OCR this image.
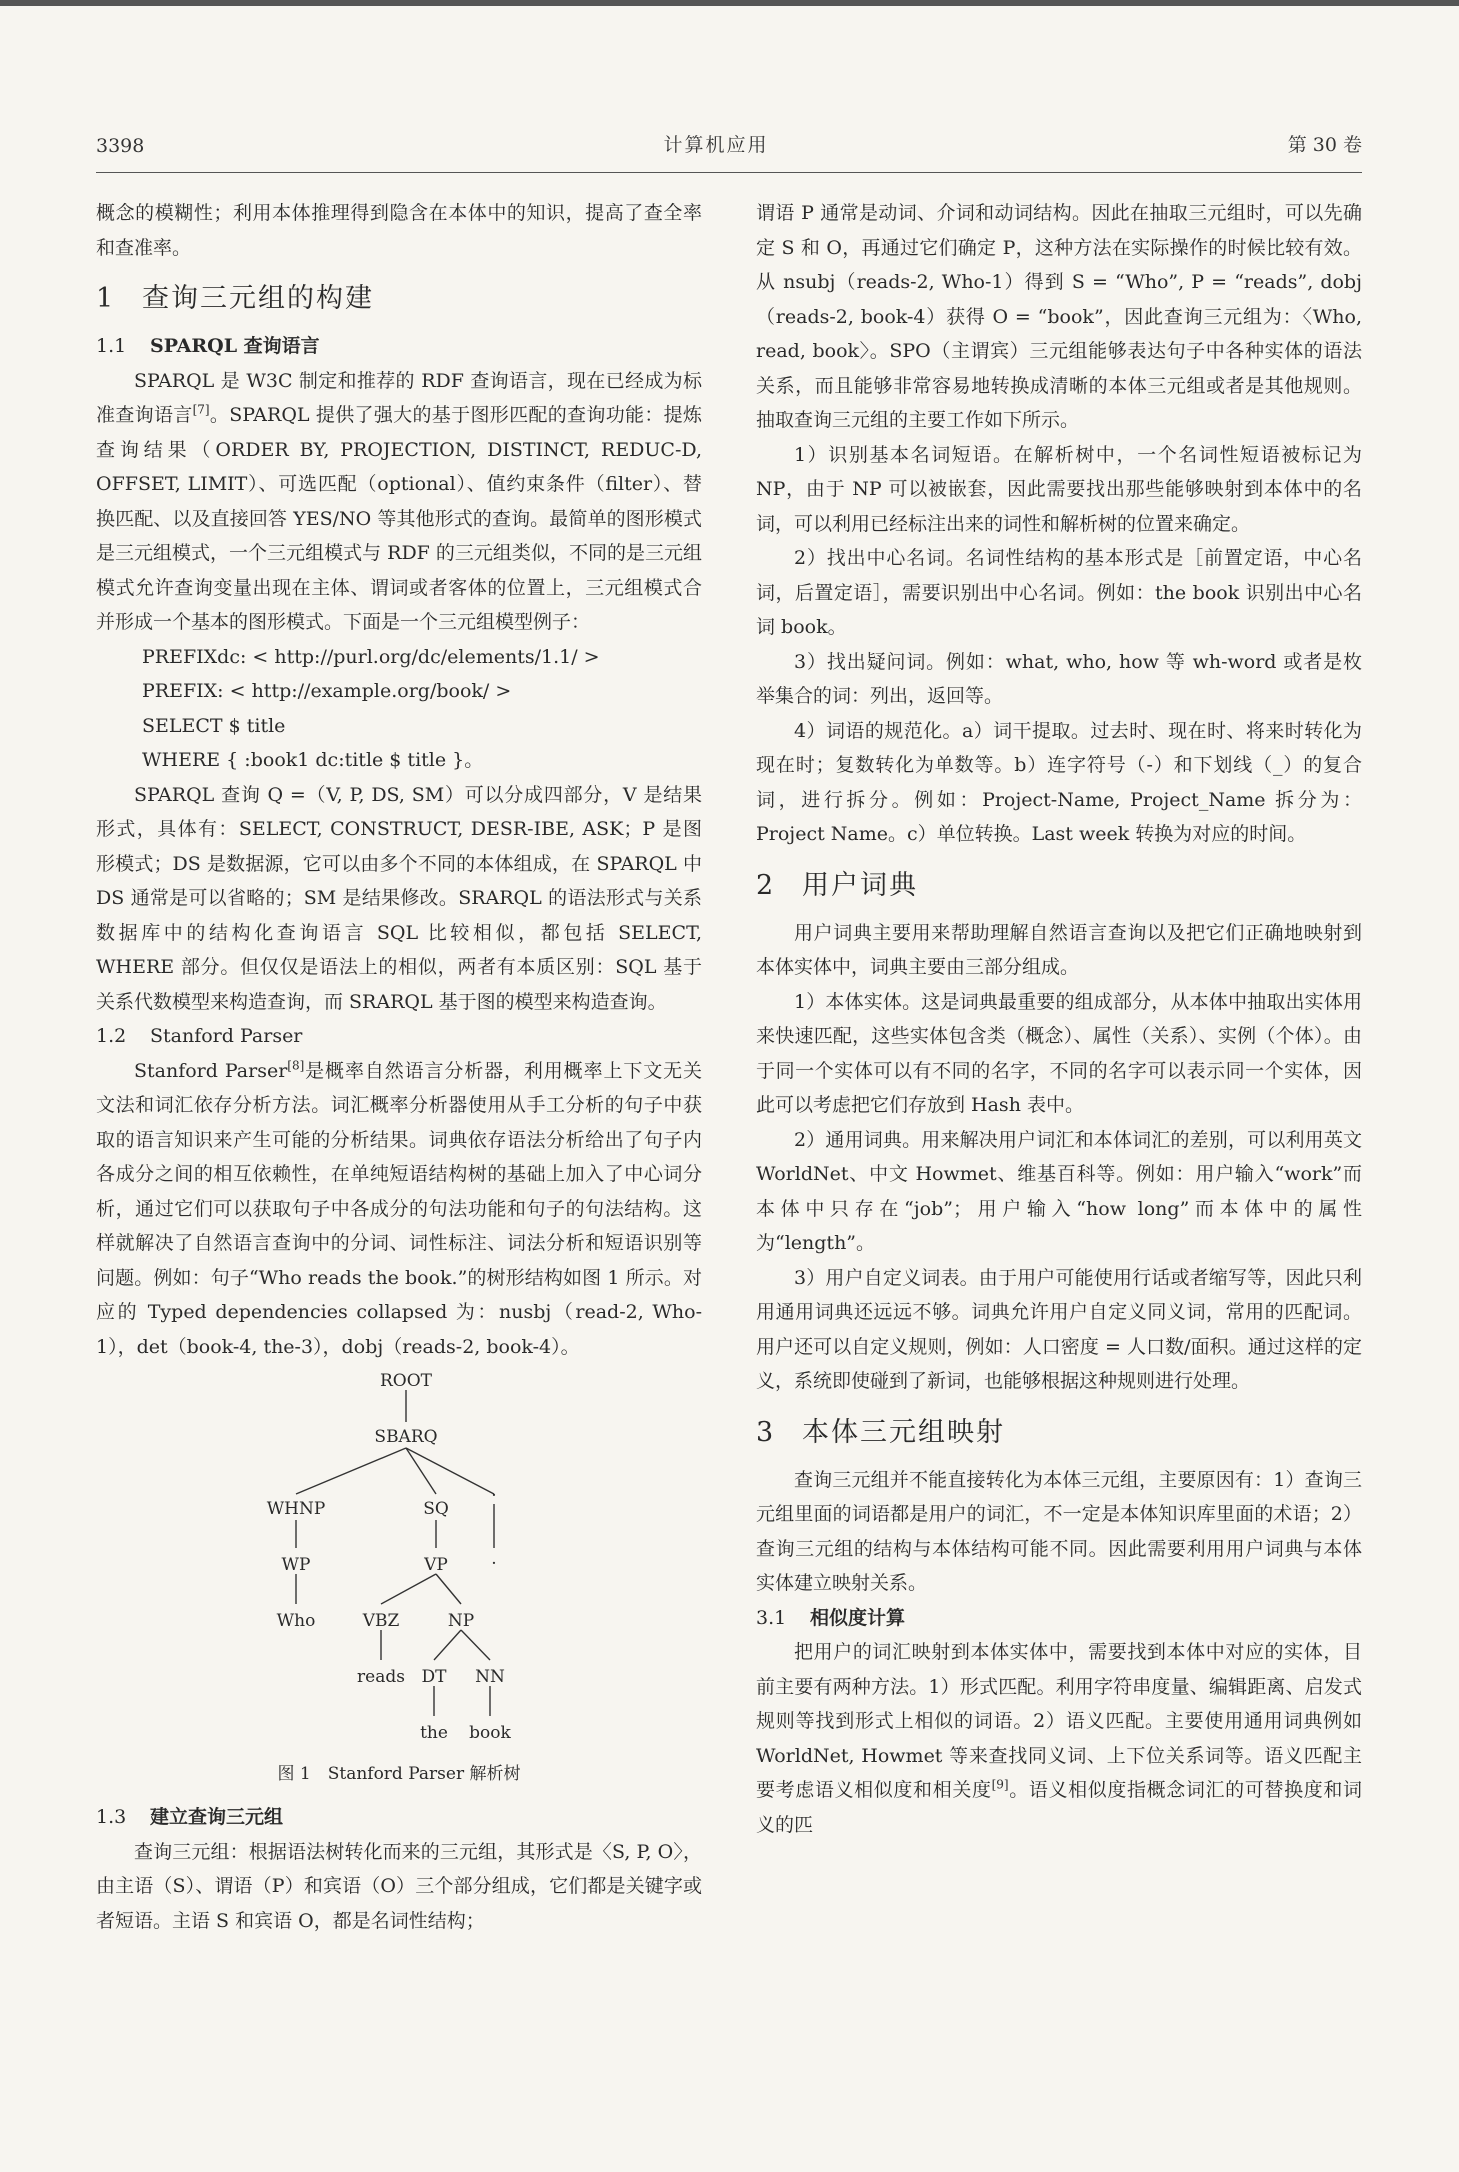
3398	计算机应用	第 30 卷

概念的模糊性；利用本体推理得到隐含在本体中的知识，提高了查全率和查准率。

1 查询三元组的构建
1.1 SPARQL 查询语言

SPARQL 是 W3C 制定和推荐的 RDF 查询语言，现在已经成为标准查询语言[7]。SPARQL 提供了强大的基于图形匹配的查询功能：提炼查询结果（ORDER BY, PROJECTION, DISTINCT, REDUC-D, OFFSET, LIMIT）、可选匹配（optional）、值约束条件（filter）、替换匹配、以及直接回答 YES/NO 等其他形式的查询。最简单的图形模式是三元组模式，一个三元组模式与 RDF 的三元组类似，不同的是三元组模式允许查询变量出现在主体、谓词或者客体的位置上，三元组模式合并形成一个基本的图形模式。下面是一个三元组模型例子：

PREFIXdc: < http://purl.org/dc/elements/1.1/ >
PREFIX: < http://example.org/book/ >
SELECT $ title
WHERE { :book1 dc:title $ title }。

SPARQL 查询 Q =（V, P, DS, SM）可以分成四部分，V 是结果形式，具体有：SELECT, CONSTRUCT, DESR-IBE, ASK；P 是图形模式；DS 是数据源，它可以由多个不同的本体组成，在 SPARQL 中 DS 通常是可以省略的；SM 是结果修改。SRARQL 的语法形式与关系数据库中的结构化查询语言 SQL 比较相似，都包括 SELECT, WHERE 部分。但仅仅是语法上的相似，两者有本质区别：SQL 基于关系代数模型来构造查询，而 SRARQL 基于图的模型来构造查询。

1.2 Stanford Parser

Stanford Parser[8]是概率自然语言分析器，利用概率上下文无关文法和词汇依存分析方法。词汇概率分析器使用从手工分析的句子中获取的语言知识来产生可能的分析结果。词典依存语法分析给出了句子内各成分之间的相互依赖性，在单纯短语结构树的基础上加入了中心词分析，通过它们可以获取句子中各成分的句法功能和句子的句法结构。这样就解决了自然语言查询中的分词、词性标注、词法分析和短语识别等问题。例如：句子“Who reads the book.”的树形结构如图 1 所示。对应的 Typed dependencies collapsed 为：nusbj（read-2, Who-1），det（book-4, the-3），dobj（reads-2, book-4）。

ROOT
SBARQ
WHNP	SQ
.
WP	VP	.
Who	VBZ	NP
reads DT NN
the book
图 1　Stanford Parser 解析树
1.3 建立查询三元组

查询三元组：根据语法树转化而来的三元组，其形式是〈S, P, O〉，由主语（S）、谓语（P）和宾语（O）三个部分组成，它们都是关键字或者短语。主语 S 和宾语 O，都是名词性结构；

谓语 P 通常是动词、介词和动词结构。因此在抽取三元组时，可以先确定 S 和 O，再通过它们确定 P，这种方法在实际操作的时候比较有效。从 nsubj（reads-2, Who-1）得到 S = “Who”, P = “reads”, dobj（reads-2, book-4）获得 O = “book”，因此查询三元组为：〈Who, read, book〉。SPO（主谓宾）三元组能够表达句子中各种实体的语法关系，而且能够非常容易地转换成清晰的本体三元组或者是其他规则。抽取查询三元组的主要工作如下所示。

1）识别基本名词短语。在解析树中，一个名词性短语被标记为 NP，由于 NP 可以被嵌套，因此需要找出那些能够映射到本体中的名词，可以利用已经标注出来的词性和解析树的位置来确定。

2）找出中心名词。名词性结构的基本形式是［前置定语，中心名词，后置定语］，需要识别出中心名词。例如：the book 识别出中心名词 book。

3）找出疑问词。例如：what, who, how 等 wh-word 或者是枚举集合的词：列出，返回等。

4）词语的规范化。a）词干提取。过去时、现在时、将来时转化为现在时；复数转化为单数等。b）连字符号（-）和下划线（_）的复合词，进行拆分。例如：Project-Name, Project_Name 拆分为：Project Name。c）单位转换。Last week 转换为对应的时间。

2 用户词典

用户词典主要用来帮助理解自然语言查询以及把它们正确地映射到本体实体中，词典主要由三部分组成。

1）本体实体。这是词典最重要的组成部分，从本体中抽取出实体用来快速匹配，这些实体包含类（概念）、属性（关系）、实例（个体）。由于同一个实体可以有不同的名字，不同的名字可以表示同一个实体，因此可以考虑把它们存放到 Hash 表中。

2）通用词典。用来解决用户词汇和本体词汇的差别，可以利用英文 WorldNet、中文 Howmet、维基百科等。例如：用户输入“work”而本体中只存在“job”；用户输入“how long”而本体中的属性为“length”。

3）用户自定义词表。由于用户可能使用行话或者缩写等，因此只利用通用词典还远远不够。词典允许用户自定义同义词，常用的匹配词。用户还可以自定义规则，例如：人口密度 = 人口数/面积。通过这样的定义，系统即使碰到了新词，也能够根据这种规则进行处理。

3 本体三元组映射

查询三元组并不能直接转化为本体三元组，主要原因有：1）查询三元组里面的词语都是用户的词汇，不一定是本体知识库里面的术语；2）查询三元组的结构与本体结构可能不同。因此需要利用用户词典与本体实体建立映射关系。

3.1 相似度计算

把用户的词汇映射到本体实体中，需要找到本体中对应的实体，目前主要有两种方法。1）形式匹配。利用字符串度量、编辑距离、启发式规则等找到形式上相似的词语。2）语义匹配。主要使用通用词典例如 WorldNet, Howmet 等来查找同义词、上下位关系词等。语义匹配主要考虑语义相似度和相关度[9]。语义相似度指概念词汇的可替换度和词义的匹
